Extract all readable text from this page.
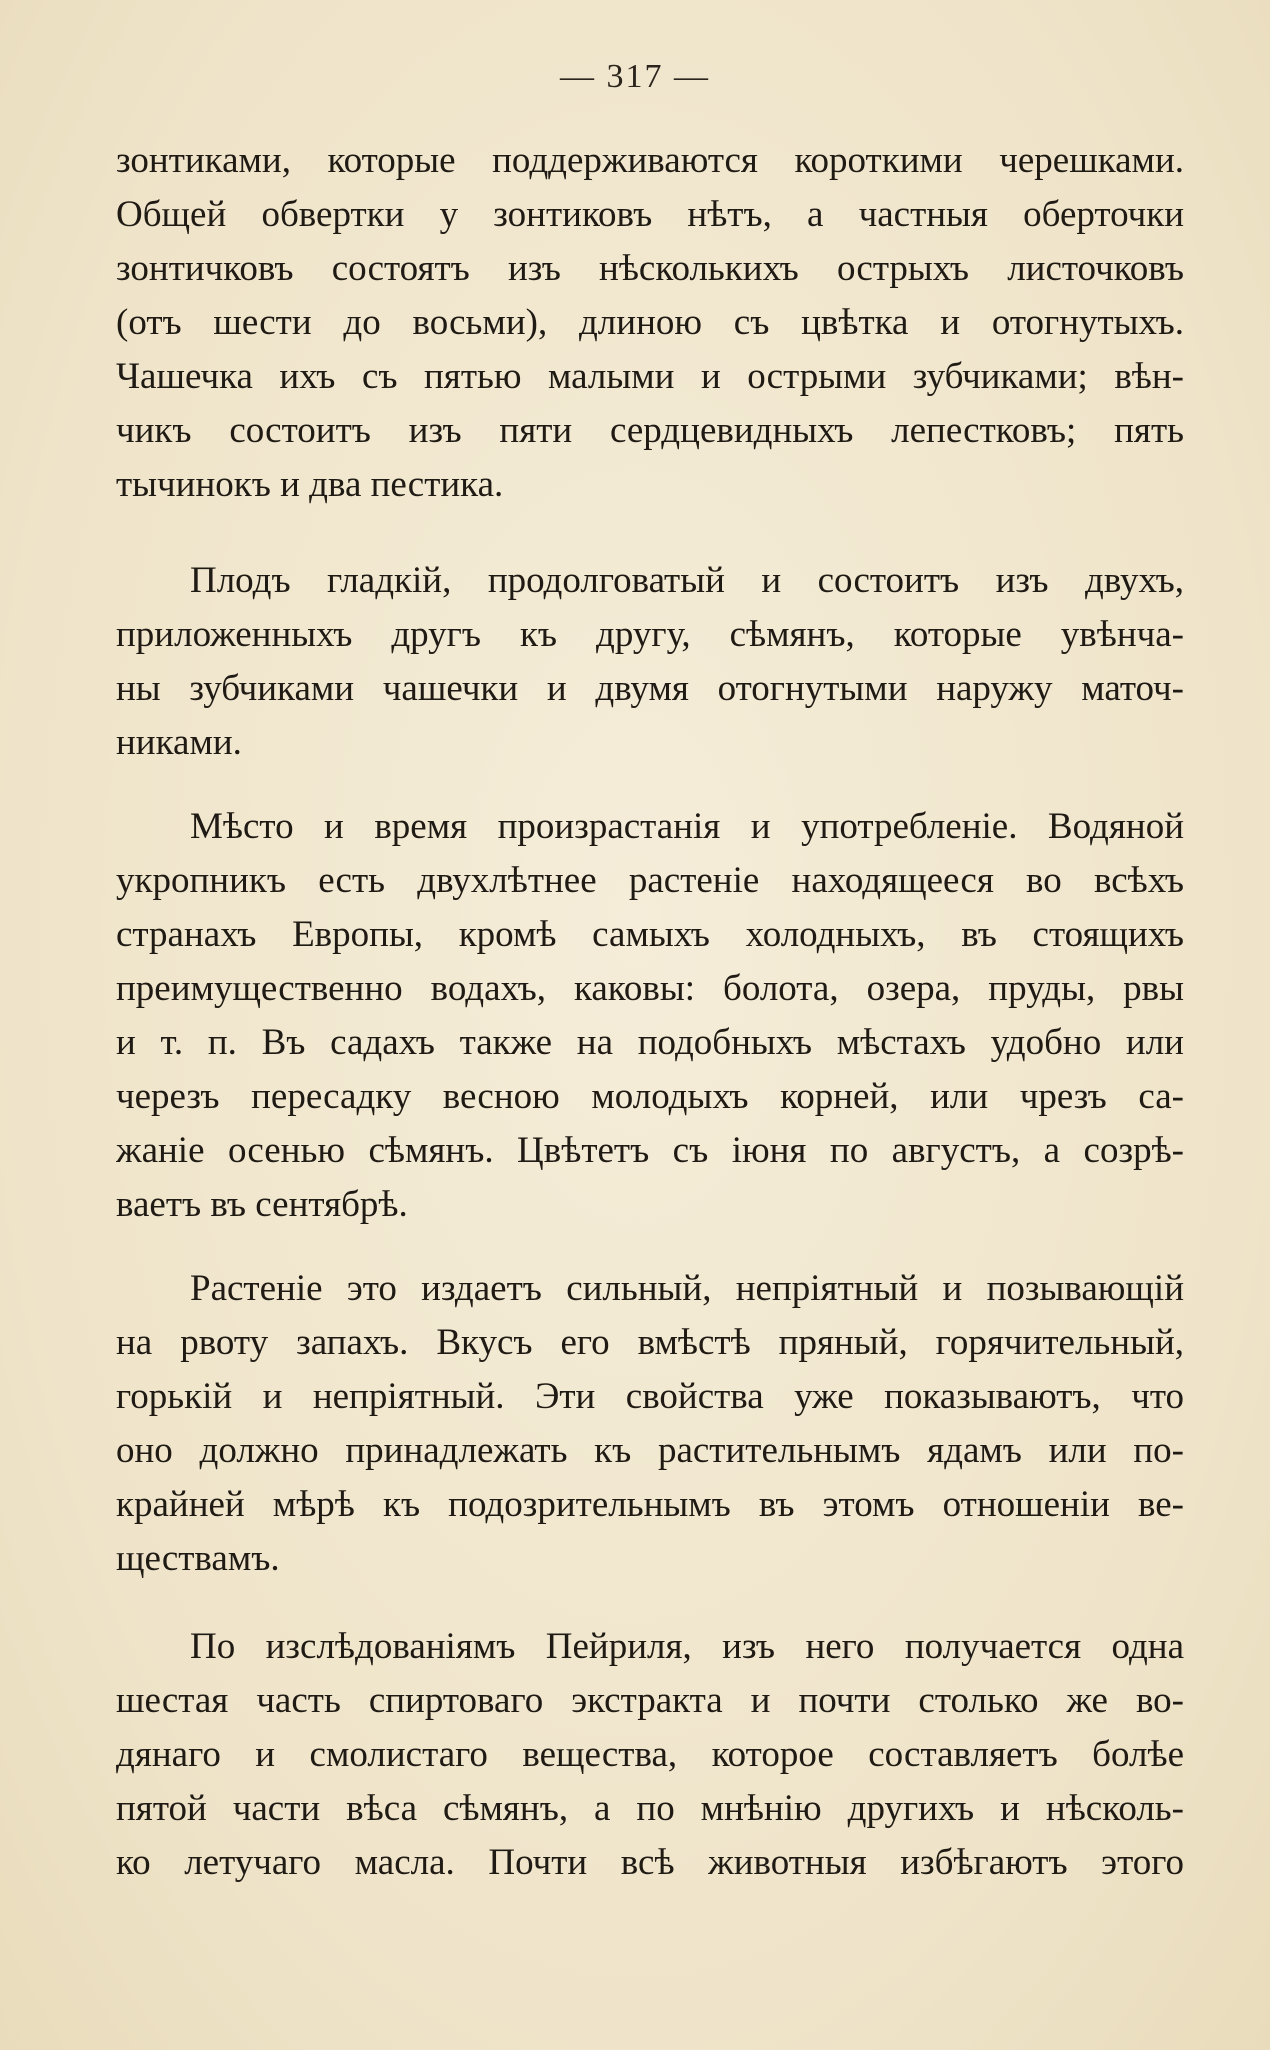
— 317 —
зонтиками, которые поддерживаются короткими черешками.
Общей обвертки у зонтиковъ нѣтъ, а частныя оберточки
зонтичковъ состоятъ изъ нѣсколькихъ острыхъ листочковъ
(отъ шести до восьми), длиною съ цвѣтка и отогнутыхъ.
Чашечка ихъ съ пятью малыми и острыми зубчиками; вѣн-
чикъ состоитъ изъ пяти сердцевидныхъ лепестковъ; пять
тычинокъ и два пестика.
Плодъ гладкій, продолговатый и состоитъ изъ двухъ,
приложенныхъ другъ къ другу, сѣмянъ, которые увѣнча-
ны зубчиками чашечки и двумя отогнутыми наружу маточ-
никами.
Мѣсто и время произрастанія и употребленіе. Водяной
укропникъ есть двухлѣтнее растеніе находящееся во всѣхъ
странахъ Европы, кромѣ самыхъ холодныхъ, въ стоящихъ
преимущественно водахъ, каковы: болота, озера, пруды, рвы
и т. п. Въ садахъ также на подобныхъ мѣстахъ удобно или
черезъ пересадку весною молодыхъ корней, или чрезъ са-
жаніе осенью сѣмянъ. Цвѣтетъ съ іюня по августъ, а созрѣ-
ваетъ въ сентябрѣ.
Растеніе это издаетъ сильный, непріятный и позывающій
на рвоту запахъ. Вкусъ его вмѣстѣ пряный, горячительный,
горькій и непріятный. Эти свойства уже показываютъ, что
оно должно принадлежать къ растительнымъ ядамъ или по-
крайней мѣрѣ къ подозрительнымъ въ этомъ отношеніи ве-
ществамъ.
По изслѣдованіямъ Пейриля, изъ него получается одна
шестая часть спиртоваго экстракта и почти столько же во-
дянаго и смолистаго вещества, которое составляетъ болѣе
пятой части вѣса сѣмянъ, а по мнѣнію другихъ и нѣсколь-
ко летучаго масла. Почти всѣ животныя избѣгаютъ этого
